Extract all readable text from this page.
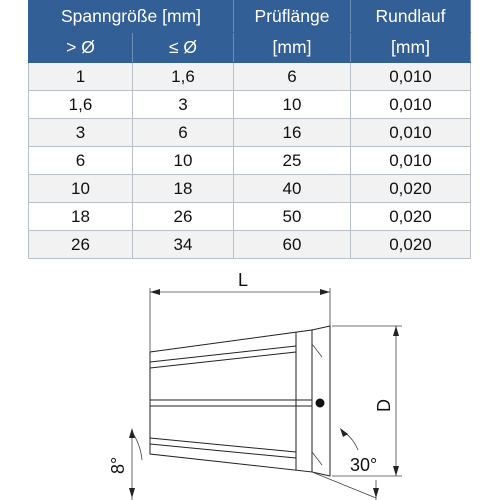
Spanngröße [mm]		Prüflänge	Rundlauf
> Ø	≤ Ø	[mm]	[mm]
1	1,6	6	0,010
1,6	3	10	0,010
3	6	16	0,010
6	10	25	0,010
10	18	40	0,020
18	26	50	0,020
26	34	60	0,020
L
D
8°	30°
